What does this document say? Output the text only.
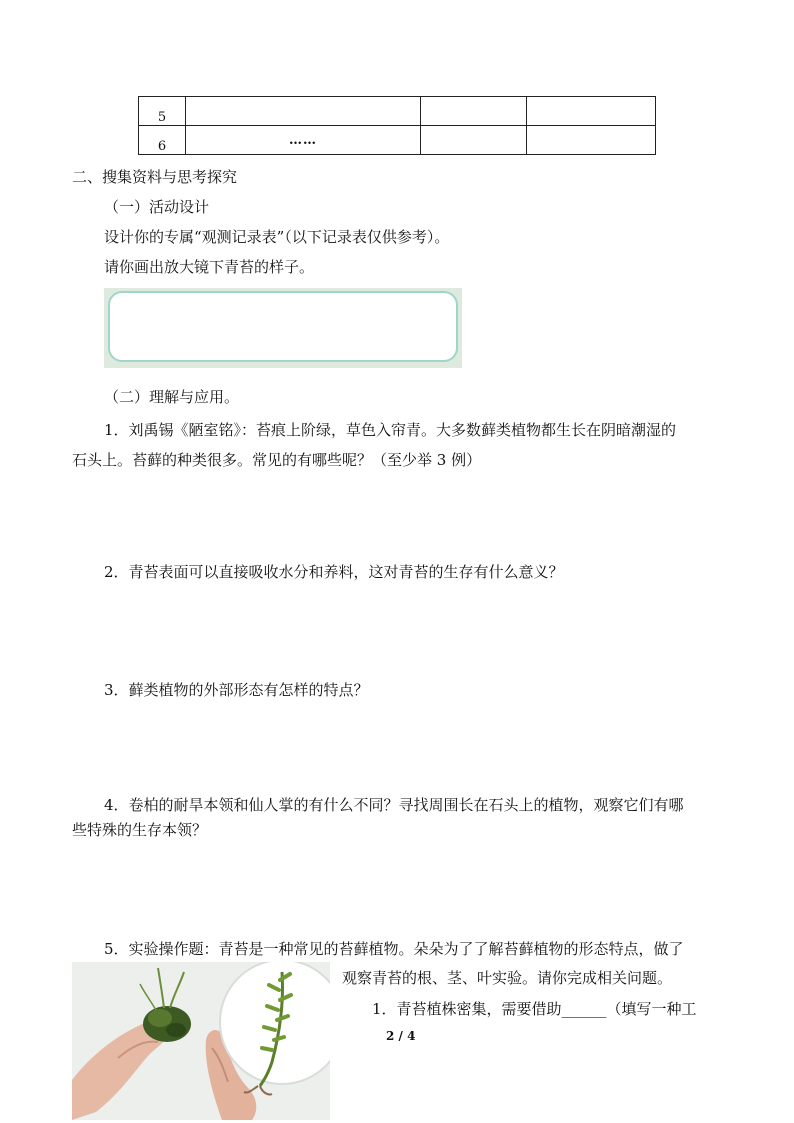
5			
6	……		
二、搜集资料与思考探究
（一）活动设计
设计你的专属“观测记录表”（以下记录表仅供参考）。
请你画出放大镜下青苔的样子。
（二）理解与应用。
1．刘禹锡《陋室铭》：苔痕上阶绿，草色入帘青。大多数藓类植物都生长在阴暗潮湿的
石头上。苔藓的种类很多。常见的有哪些呢？（至少举 3 例）
2．青苔表面可以直接吸收水分和养料，这对青苔的生存有什么意义？
3．藓类植物的外部形态有怎样的特点？
4．卷柏的耐旱本领和仙人掌的有什么不同？寻找周围长在石头上的植物，观察它们有哪
些特殊的生存本领？
5．实验操作题：青苔是一种常见的苔藓植物。朵朵为了了解苔藓植物的形态特点，做了
观察青苔的根、茎、叶实验。请你完成相关问题。
1．青苔植株密集，需要借助______（填写一种工
2 / 4
